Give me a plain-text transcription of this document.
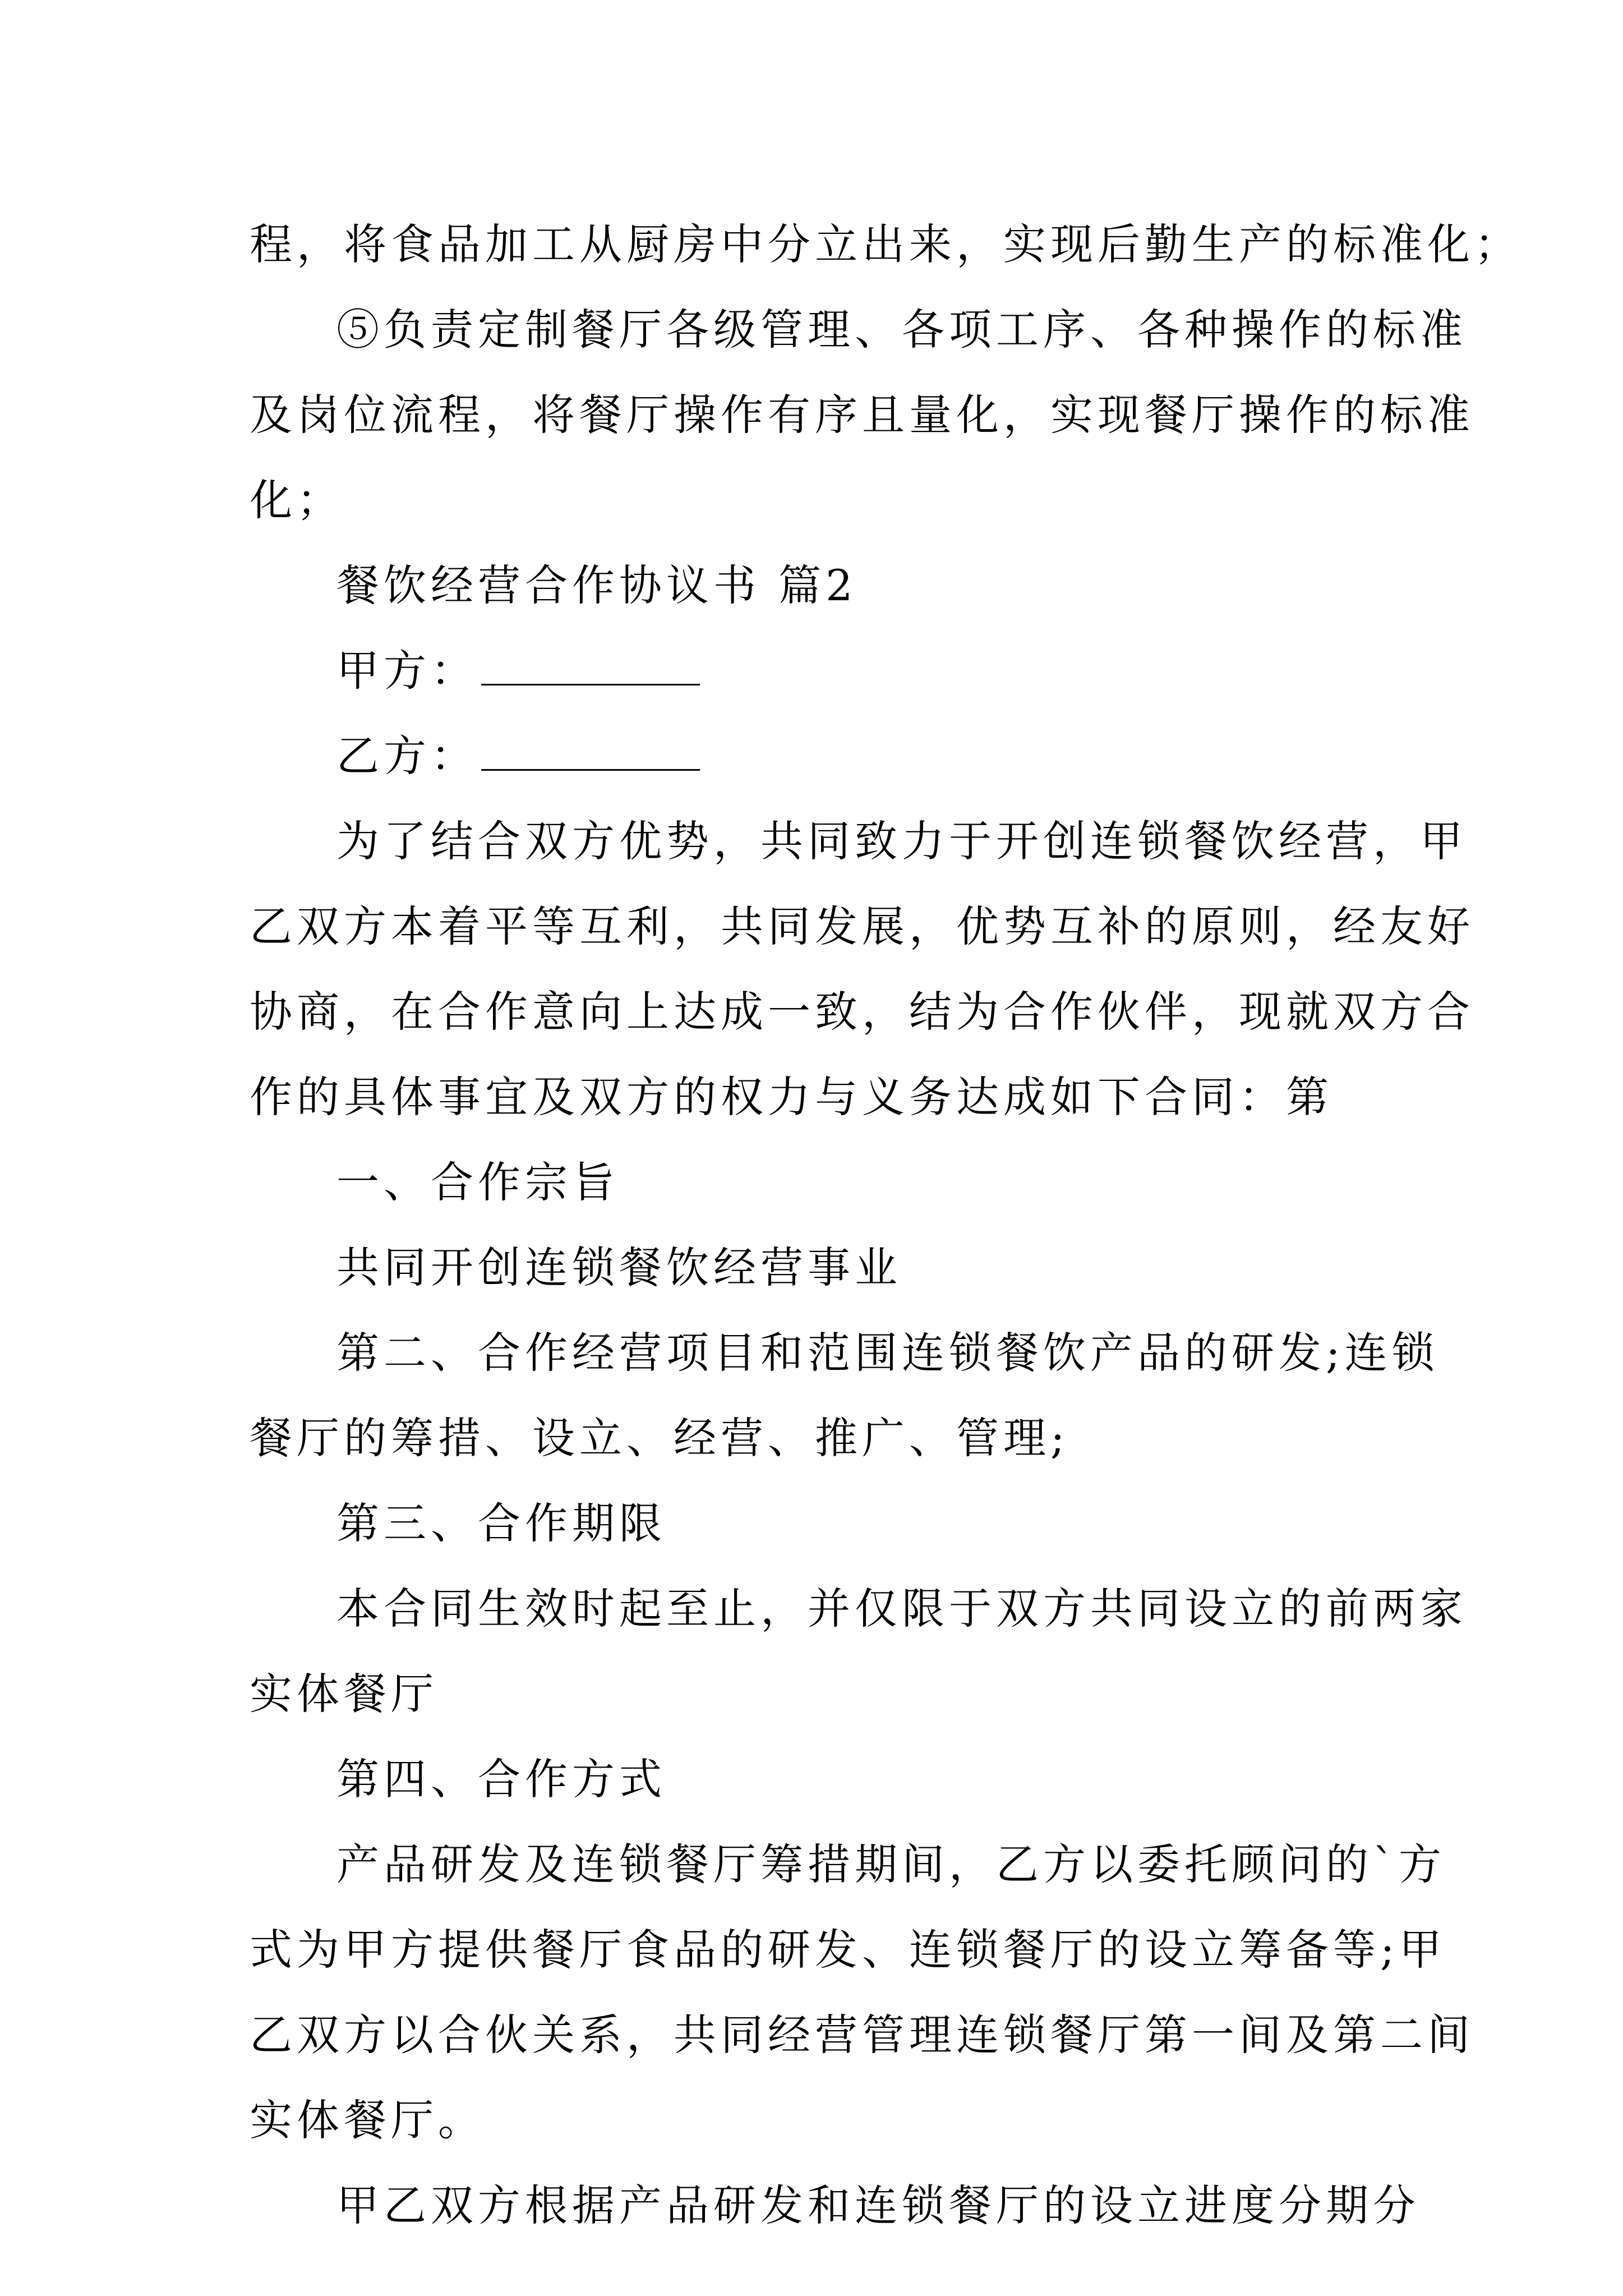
程，将食品加工从厨房中分立出来，实现后勤生产的标准化；
⑤负责定制餐厅各级管理、各项工序、各种操作的标准
及岗位流程，将餐厅操作有序且量化，实现餐厅操作的标准
化；
餐饮经营合作协议书 篇2
甲方：
乙方：
为了结合双方优势，共同致力于开创连锁餐饮经营，甲
乙双方本着平等互利，共同发展，优势互补的原则，经友好
协商，在合作意向上达成一致，结为合作伙伴，现就双方合
作的具体事宜及双方的权力与义务达成如下合同：第
一、合作宗旨
共同开创连锁餐饮经营事业
第二、合作经营项目和范围连锁餐饮产品的研发;连锁
餐厅的筹措、设立、经营、推广、管理;
第三、合作期限
本合同生效时起至止，并仅限于双方共同设立的前两家
实体餐厅
第四、合作方式
产品研发及连锁餐厅筹措期间，乙方以委托顾问的`方
式为甲方提供餐厅食品的研发、连锁餐厅的设立筹备等;甲
乙双方以合伙关系，共同经营管理连锁餐厅第一间及第二间
实体餐厅。
甲乙双方根据产品研发和连锁餐厅的设立进度分期分
